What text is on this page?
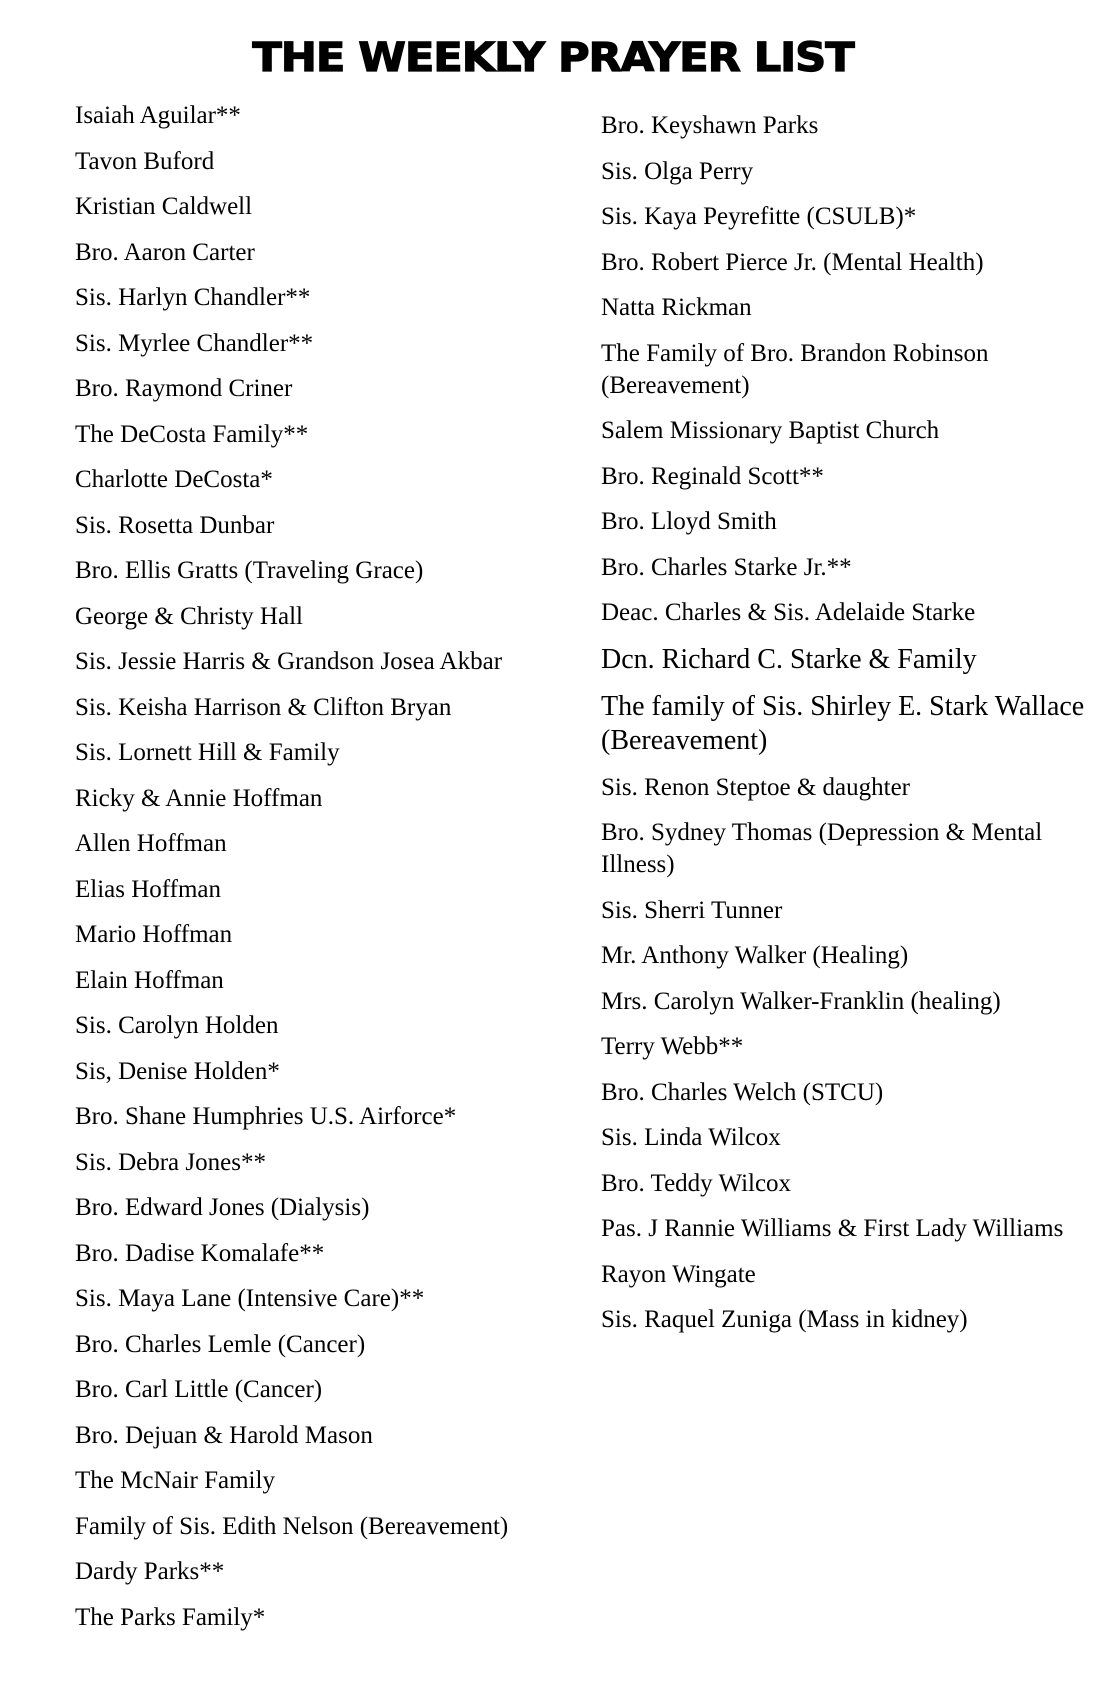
THE WEEKLY PRAYER LIST
Isaiah Aguilar**
Tavon Buford
Kristian Caldwell
Bro. Aaron Carter
Sis. Harlyn Chandler**
Sis. Myrlee Chandler**
Bro. Raymond Criner
The DeCosta Family**
Charlotte DeCosta*
Sis. Rosetta Dunbar
Bro. Ellis Gratts (Traveling Grace)
George & Christy Hall
Sis. Jessie Harris & Grandson Josea Akbar
Sis. Keisha Harrison & Clifton Bryan
Sis. Lornett Hill & Family
Ricky & Annie Hoffman
Allen Hoffman
Elias Hoffman
Mario Hoffman
Elain Hoffman
Sis. Carolyn Holden
Sis, Denise Holden*
Bro. Shane Humphries U.S. Airforce*
Sis. Debra Jones**
Bro. Edward Jones (Dialysis)
Bro. Dadise Komalafe**
Sis. Maya Lane (Intensive Care)**
Bro. Charles Lemle (Cancer)
Bro. Carl Little (Cancer)
Bro. Dejuan & Harold Mason
The McNair Family
Family of Sis. Edith Nelson (Bereavement)
Dardy Parks**
The Parks Family*
Bro. Keyshawn Parks
Sis. Olga Perry
Sis. Kaya Peyrefitte (CSULB)*
Bro. Robert Pierce Jr. (Mental Health)
Natta Rickman
The Family of Bro. Brandon Robinson (Bereavement)
Salem Missionary Baptist Church
Bro. Reginald Scott**
Bro. Lloyd Smith
Bro. Charles Starke Jr.**
Deac. Charles & Sis. Adelaide Starke
Dcn. Richard C. Starke & Family
The family of Sis. Shirley E. Stark Wallace (Bereavement)
Sis. Renon Steptoe & daughter
Bro. Sydney Thomas (Depression & Mental Illness)
Sis. Sherri Tunner
Mr. Anthony Walker (Healing)
Mrs. Carolyn Walker-Franklin (healing)
Terry Webb**
Bro. Charles Welch (STCU)
Sis. Linda Wilcox
Bro. Teddy Wilcox
Pas. J Rannie Williams & First Lady Williams
Rayon Wingate
Sis. Raquel Zuniga (Mass in kidney)
